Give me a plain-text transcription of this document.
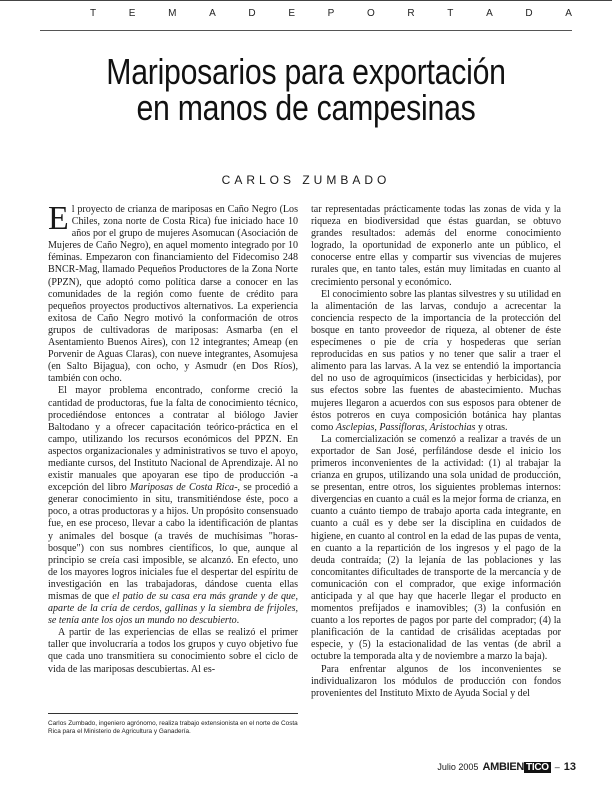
T	E	M	A	D	E	P	O	R	T	A	D	A
Mariposarios para exportación
en manos de campesinas
CARLOS ZUMBADO

El proyecto de crianza de mariposas en Caño Negro (Los Chiles, zona norte de Costa Rica) fue iniciado hace 10 años por el grupo de mujeres Asomucan (Asociación de Mujeres de Caño Negro), en aquel momento integrado por 10 féminas. Empezaron con financiamiento del Fidecomiso 248 BNCR-Mag, llamado Pequeños Productores de la Zona Norte (PPZN), que adoptó como política darse a conocer en las comunidades de la región como fuente de crédito para pequeños proyectos productivos alternativos. La experiencia exitosa de Caño Negro motivó la conformación de otros grupos de cultivadoras de mariposas: Asmarba (en el Asentamiento Buenos Aires), con 12 integrantes; Ameap (en Porvenir de Aguas Claras), con nueve integrantes, Asomujesa (en Salto Bijagua), con ocho, y Asmudr (en Dos Ríos), también con ocho.

El mayor problema encontrado, conforme creció la cantidad de productoras, fue la falta de conocimiento técnico, procediéndose entonces a contratar al biólogo Javier Baltodano y a ofrecer capacitación teórico-práctica en el campo, utilizando los recursos económicos del PPZN. En aspectos organizacionales y administrativos se tuvo el apoyo, mediante cursos, del Instituto Nacional de Aprendizaje. Al no existir manuales que apoyaran ese tipo de producción -a excepción del libro Mariposas de Costa Rica-, se procedió a generar conocimiento in situ, transmitiéndose éste, poco a poco, a otras productoras y a hijos. Un propósito consensuado fue, en ese proceso, llevar a cabo la identificación de plantas y animales del bosque (a través de muchísimas "horas-bosque") con sus nombres científicos, lo que, aunque al principio se creía casi imposible, se alcanzó. En efecto, uno de los mayores logros iniciales fue el despertar del espíritu de investigación en las trabajadoras, dándose cuenta ellas mismas de que el patio de su casa era más grande y de que, aparte de la cría de cerdos, gallinas y la siembra de frijoles, se tenía ante los ojos un mundo no descubierto.

A partir de las experiencias de ellas se realizó el primer taller que involucraría a todos los grupos y cuyo objetivo fue que cada uno transmitiera su conocimiento sobre el ciclo de vida de las mariposas descubiertas. Al es-

tar representadas prácticamente todas las zonas de vida y la riqueza en biodiversidad que éstas guardan, se obtuvo grandes resultados: además del enorme conocimiento logrado, la oportunidad de exponerlo ante un público, el conocerse entre ellas y compartir sus vivencias de mujeres rurales que, en tanto tales, están muy limitadas en cuanto al crecimiento personal y económico.

El conocimiento sobre las plantas silvestres y su utilidad en la alimentación de las larvas, condujo a acrecentar la conciencia respecto de la importancia de la protección del bosque en tanto proveedor de riqueza, al obtener de éste especímenes o pie de cría y hospederas que serían reproducidas en sus patios y no tener que salir a traer el alimento para las larvas. A la vez se entendió la importancia del no uso de agroquímicos (insecticidas y herbicidas), por sus efectos sobre las fuentes de abastecimiento. Muchas mujeres llegaron a acuerdos con sus esposos para obtener de éstos potreros en cuya composición botánica hay plantas como Asclepias, Passifloras, Aristochias y otras.

La comercialización se comenzó a realizar a través de un exportador de San José, perfilándose desde el inicio los primeros inconvenientes de la actividad: (1) al trabajar la crianza en grupos, utilizando una sola unidad de producción, se presentan, entre otros, los siguientes problemas internos: divergencias en cuanto a cuál es la mejor forma de crianza, en cuanto a cuánto tiempo de trabajo aporta cada integrante, en cuanto a cuál es y debe ser la disciplina en cuidados de higiene, en cuanto al control en la edad de las pupas de venta, en cuanto a la repartición de los ingresos y el pago de la deuda contraída; (2) la lejanía de las poblaciones y las concomitantes dificultades de transporte de la mercancía y de comunicación con el comprador, que exige información anticipada y al que hay que hacerle llegar el producto en momentos prefijados e inamovibles; (3) la confusión en cuanto a los reportes de pagos por parte del comprador; (4) la planificación de la cantidad de crisálidas aceptadas por especie, y (5) la estacionalidad de las ventas (de abril a octubre la temporada alta y de noviembre a marzo la baja).

Para enfrentar algunos de los inconvenientes se individualizaron los módulos de producción con fondos provenientes del Instituto Mixto de Ayuda Social y del

Carlos Zumbado, ingeniero agrónomo, realiza trabajo extensionista en el norte de Costa Rica para el Ministerio de Agricultura y Ganadería.
Julio 2005 AMBIEN TICO – 13
